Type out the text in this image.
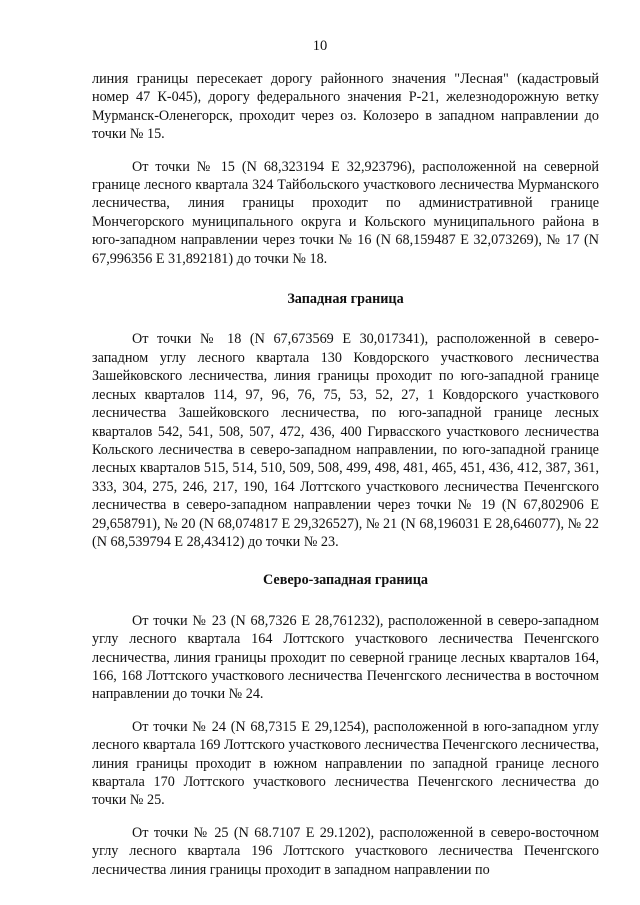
10

линия границы пересекает дорогу районного значения "Лесная" (кадастровый номер 47 К-045), дорогу федерального значения Р-21, железнодорожную ветку Мурманск-Оленегорск, проходит через оз. Колозеро в западном направлении до точки № 15.

От точки № 15 (N 68,323194 E 32,923796), расположенной на северной границе лесного квартала 324 Тайбольского участкового лесничества Мурманского лесничества, линия границы проходит по административной границе Мончегорского муниципального округа и Кольского муниципального района в юго-западном направлении через точки № 16 (N 68,159487 E 32,073269), № 17 (N 67,996356 E 31,892181) до точки № 18.

Западная граница

От точки № 18 (N 67,673569 E 30,017341), расположенной в северо-западном углу лесного квартала 130 Ковдорского участкового лесничества Зашейковского лесничества, линия границы проходит по юго-западной границе лесных кварталов 114, 97, 96, 76, 75, 53, 52, 27, 1 Ковдорского участкового лесничества Зашейковского лесничества, по юго-западной границе лесных кварталов 542, 541, 508, 507, 472, 436, 400 Гирвасского участкового лесничества Кольского лесничества в северо-западном направлении, по юго-западной границе лесных кварталов 515, 514, 510, 509, 508, 499, 498, 481, 465, 451, 436, 412, 387, 361, 333, 304, 275, 246, 217, 190, 164 Лоттского участкового лесничества Печенгского лесничества в северо-западном направлении через точки № 19 (N 67,802906 E 29,658791), № 20 (N 68,074817 E 29,326527), № 21 (N 68,196031 E 28,646077), № 22 (N 68,539794 E 28,43412) до точки № 23.

Северо-западная граница

От точки № 23 (N 68,7326 E 28,761232), расположенной в северо-западном углу лесного квартала 164 Лоттского участкового лесничества Печенгского лесничества, линия границы проходит по северной границе лесных кварталов 164, 166, 168 Лоттского участкового лесничества Печенгского лесничества в восточном направлении до точки № 24.

От точки № 24 (N 68,7315 E 29,1254), расположенной в юго-западном углу лесного квартала 169 Лоттского участкового лесничества Печенгского лесничества, линия границы проходит в южном направлении по западной границе лесного квартала 170 Лоттского участкового лесничества Печенгского лесничества до точки № 25.

От точки № 25 (N 68.7107 E 29.1202), расположенной в северо-восточном углу лесного квартала 196 Лоттского участкового лесничества Печенгского лесничества линия границы проходит в западном направлении по
